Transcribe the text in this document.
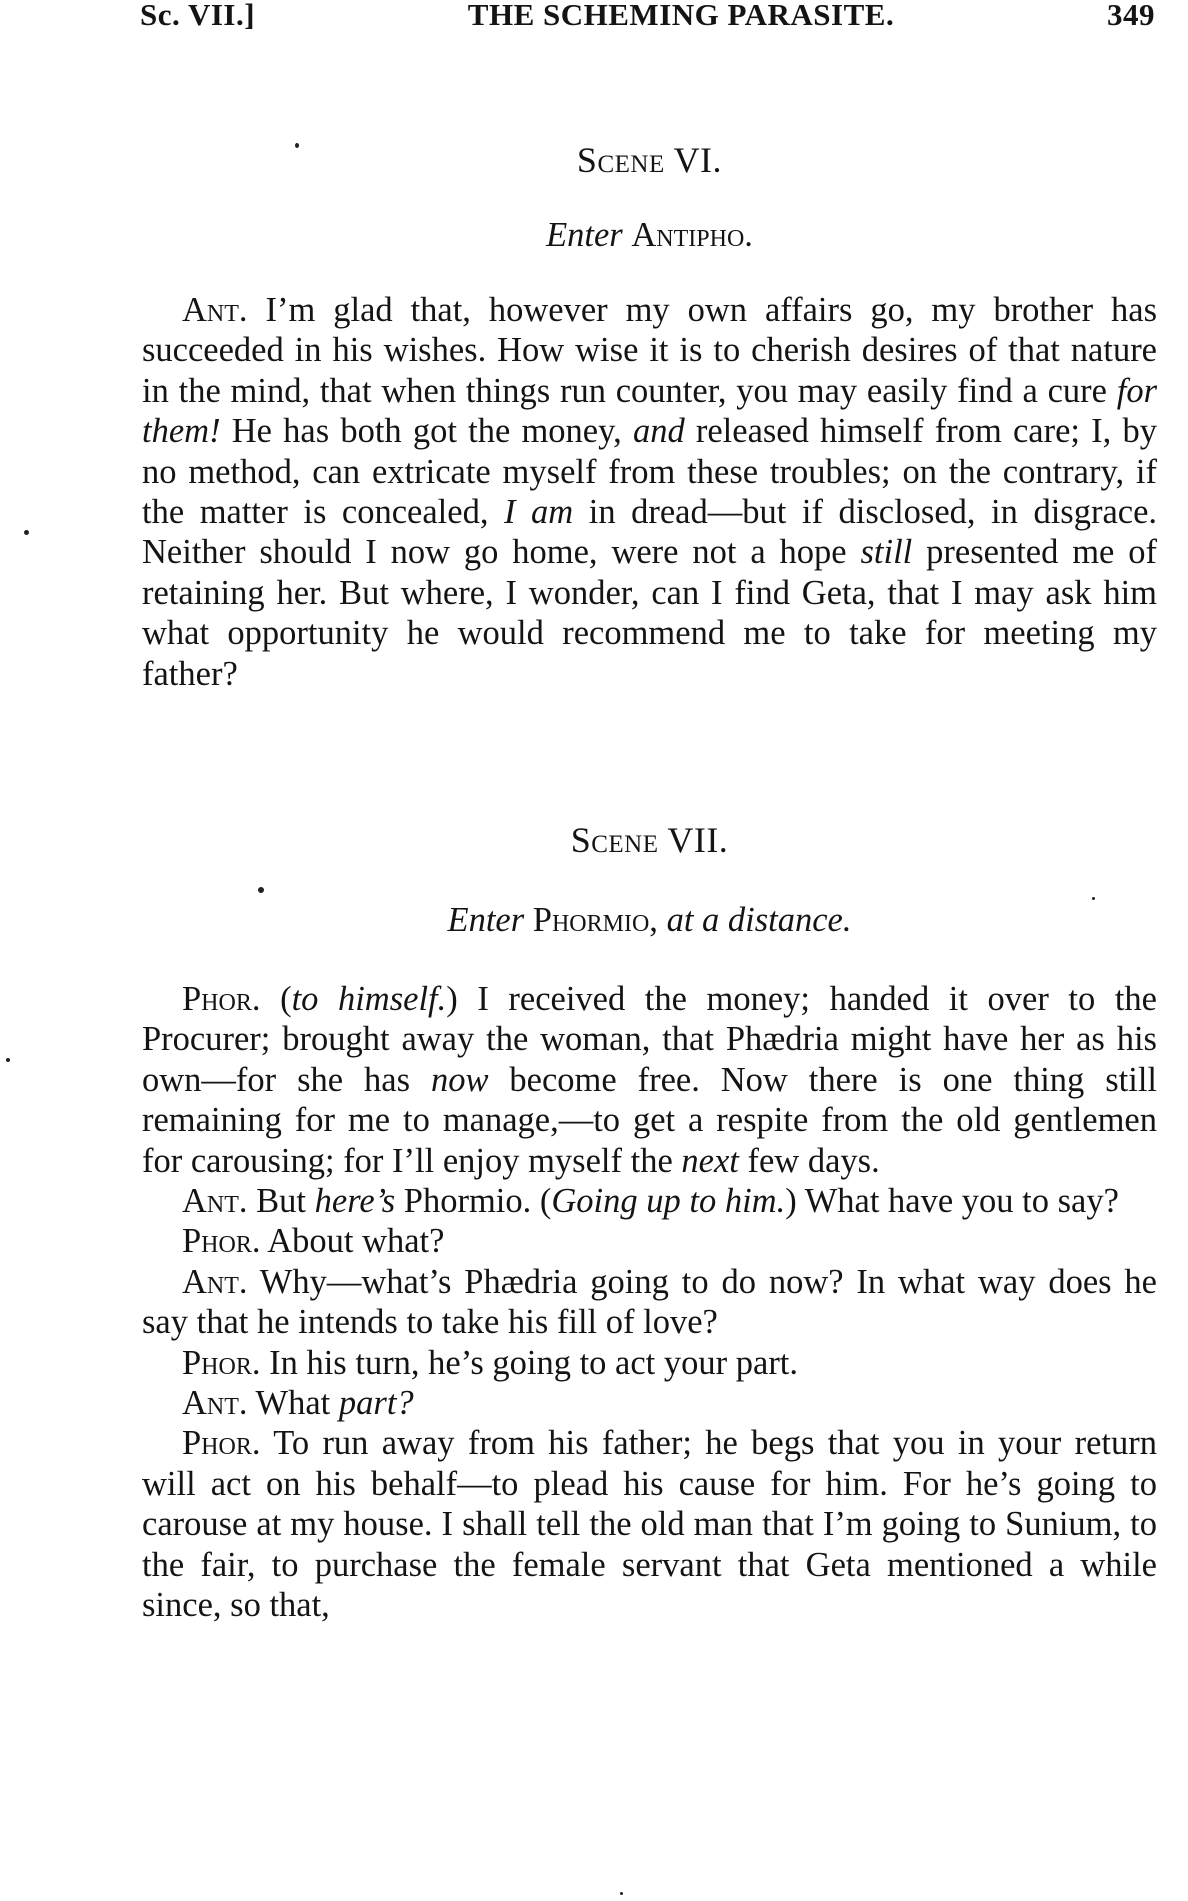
Sc. VII.]	THE SCHEMING PARASITE.	349
Scene VI.
Enter Antipho.

Ant. I’m glad that, however my own affairs go, my brother has succeeded in his wishes. How wise it is to cherish desires of that nature in the mind, that when things run counter, you may easily find a cure for them! He has both got the money, and released himself from care; I, by no method, can extricate myself from these troubles; on the contrary, if the matter is concealed, I am in dread—but if disclosed, in disgrace. Neither should I now go home, were not a hope still presented me of retaining her. But where, I wonder, can I find Geta, that I may ask him what opportunity he would recommend me to take for meeting my father?

Scene VII.
Enter Phormio, at a distance.

Phor. (to himself.) I received the money; handed it over to the Procurer; brought away the woman, that Phædria might have her as his own—for she has now become free. Now there is one thing still remaining for me to manage,—to get a respite from the old gentlemen for carousing; for I’ll enjoy myself the next few days.

Ant. But here’s Phormio. (Going up to him.) What have you to say?

Phor. About what?

Ant. Why—what’s Phædria going to do now? In what way does he say that he intends to take his fill of love?

Phor. In his turn, he’s going to act your part.

Ant. What part?

Phor. To run away from his father; he begs that you in your return will act on his behalf—to plead his cause for him. For he’s going to carouse at my house. I shall tell the old man that I’m going to Sunium, to the fair, to purchase the female servant that Geta mentioned a while since, so that,
